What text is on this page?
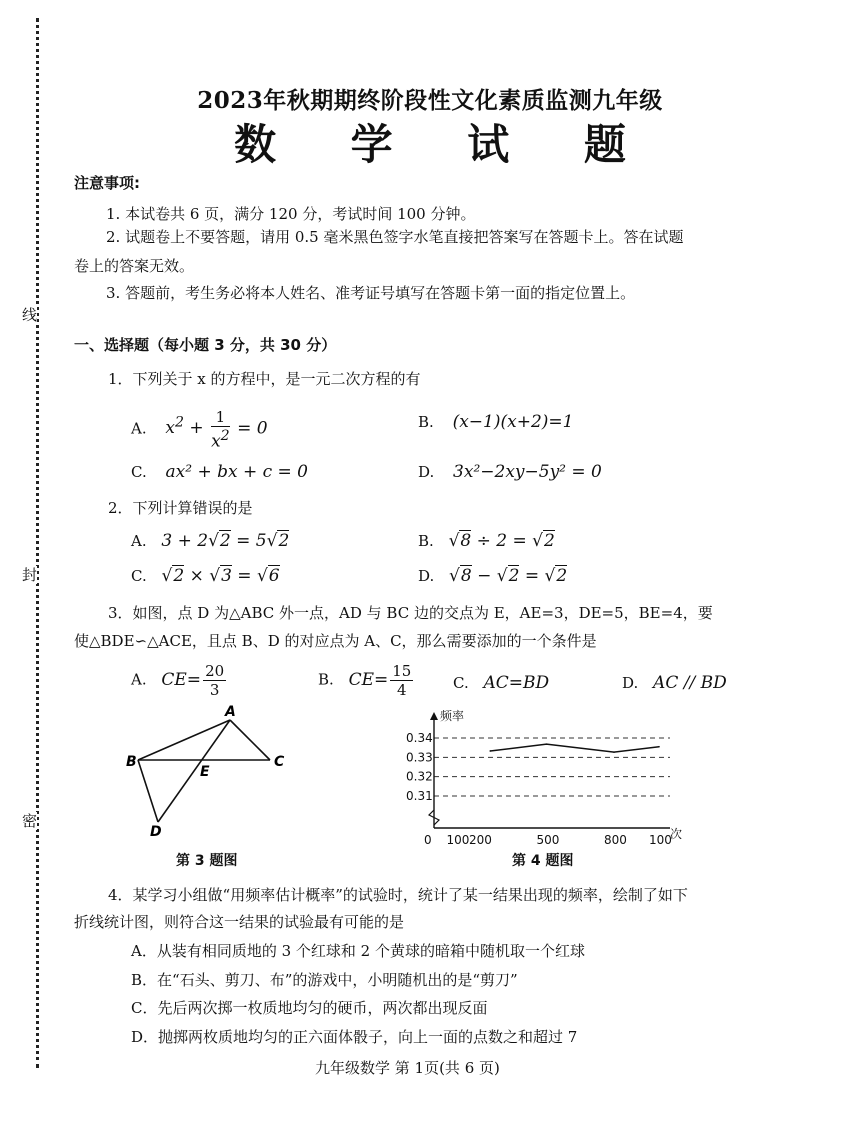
线
封
密
2023年秋期期终阶段性文化素质监测九年级
数 学 试 题
注意事项:
1. 本试卷共 6 页，满分 120 分，考试时间 100 分钟。
2. 试题卷上不要答题，请用 0.5 毫米黑色签字水笔直接把答案写在答题卡上。答在试题
卷上的答案无效。
3. 答题前，考生务必将本人姓名、准考证号填写在答题卡第一面的指定位置上。
一、选择题（每小题 3 分，共 30 分）
1．下列关于 x 的方程中，是一元二次方程的有
A. $x^2 + \frac{1}{x^2} = 0$	B. (x−1)(x+2)=1
C. ax² + bx + c = 0	D. 3x²−2xy−5y² = 0
2．下列计算错误的是
A. 3 + 2√2 = 5√2	B. √8 ÷ 2 = √2
C. √2 × √3 = √6	D. √8 − √2 = √2
3．如图，点 D 为△ABC 外一点，AD 与 BC 边的交点为 E，AE=3，DE=5，BE=4，要
使△BDE∽△ACE，且点 B、D 的对应点为 A、C，那么需要添加的一个条件是
A. $CE= \frac{20}{3}$	B. $CE= \frac{15}{4}$	C. AC=BD	D. AC // BD
A
B	C
D
E
第 3 题图
0.34
0.33
0.32
0.31
频率
次
0 100 200	500	800 100
第 4 题图
4．某学习小组做“用频率估计概率”的试验时，统计了某一结果出现的频率，绘制了如下
折线统计图，则符合这一结果的试验最有可能的是
A．从装有相同质地的 3 个红球和 2 个黄球的暗箱中随机取一个红球
B．在“石头、剪刀、布”的游戏中，小明随机出的是“剪刀”
C．先后两次掷一枚质地均匀的硬币，两次都出现反面
D．抛掷两枚质地均匀的正六面体骰子，向上一面的点数之和超过 7
九年级数学 第 1页(共 6 页)
